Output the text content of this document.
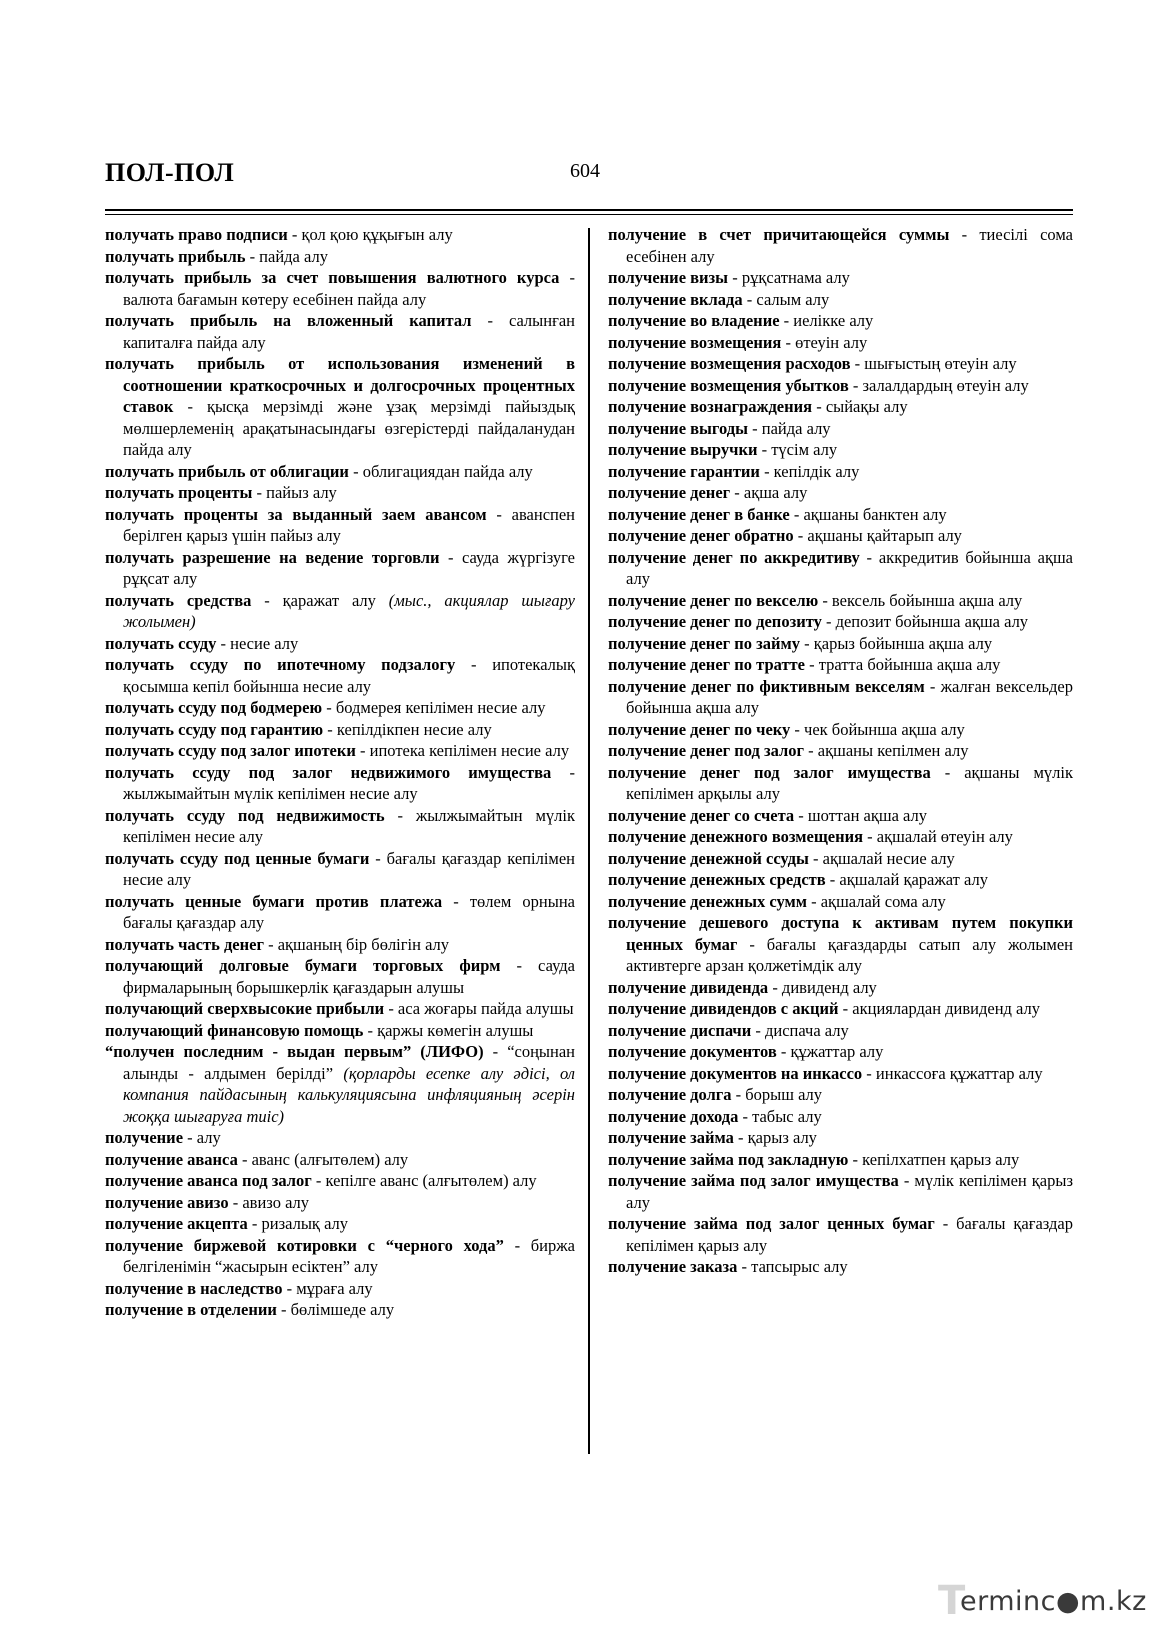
ПОЛ-ПОЛ	604

получать право подписи - қол қою құқығын алу

получать прибыль - пайда алу

получать прибыль за счет повышения валютного курса - валюта бағамын көтеру есебінен пайда алу

получать прибыль на вложенный капитал - салынған капиталға пайда алу

получать прибыль от использования изменений в соотношении краткосрочных и долгосрочных процентных ставок - қысқа мерзімді және ұзақ мерзімді пайыздық мөлшерлеменің арақатынасындағы өзгерістерді пайдаланудан пайда алу

получать прибыль от облигации - облигациядан пайда алу

получать проценты - пайыз алу

получать проценты за выданный заем авансом - аванспен берілген қарыз үшін пайыз алу

получать разрешение на ведение торговли - сауда жүргізуге рұқсат алу

получать средства - қаражат алу (мыс., акциялар шығару жолымен)

получать ссуду - несие алу

получать ссуду по ипотечному подзалогу - ипотекалық қосымша кепіл бойынша несие алу

получать ссуду под бодмерею - бодмерея кепілімен несие алу

получать ссуду под гарантию - кепілдікпен несие алу

получать ссуду под залог ипотеки - ипотека кепілімен несие алу

получать ссуду под залог недвижимого имущества - жылжымайтын мүлік кепілімен несие алу

получать ссуду под недвижимость - жылжымайтын мүлік кепілімен несие алу

получать ссуду под ценные бумаги - бағалы қағаздар кепілімен несие алу

получать ценные бумаги против платежа - төлем орнына бағалы қағаздар алу

получать часть денег - ақшаның бір бөлігін алу

получающий долговые бумаги торговых фирм - сауда фирмаларының борышкерлік қағаздарын алушы

получающий сверхвысокие прибыли - аса жоғары пайда алушы

получающий финансовую помощь - қаржы көмегін алушы

“получен последним - выдан первым” (ЛИФО) - “соңынан алынды - алдымен берілді” (қорларды есепке алу әдісі, ол компания пайдасының калькуляциясына инфляцияның әсерін жоққа шығаруға тиіс)

получение - алу

получение аванса - аванс (алғытөлем) алу

получение аванса под залог - кепілге аванс (алғытөлем) алу

получение авизо - авизо алу

получение акцепта - ризалық алу

получение биржевой котировки с “черного хода” - биржа белгіленімін “жасырын есіктен” алу

получение в наследство - мұраға алу

получение в отделении - бөлімшеде алу

получение в счет причитающейся суммы - тиесілі сома есебінен алу

получение визы - рұқсатнама алу

получение вклада - салым алу

получение во владение - иелікке алу

получение возмещения - өтеуін алу

получение возмещения расходов - шығыстың өтеуін алу

получение возмещения убытков - залалдардың өтеуін алу

получение вознаграждения - сыйақы алу

получение выгоды - пайда алу

получение выручки - түсім алу

получение гарантии - кепілдік алу

получение денег - ақша алу

получение денег в банке - ақшаны банктен алу

получение денег обратно - ақшаны қайтарып алу

получение денег по аккредитиву - аккредитив бойынша ақша алу

получение денег по векселю - вексель бойынша ақша алу

получение денег по депозиту - депозит бойынша ақша алу

получение денег по займу - қарыз бойынша ақша алу

получение денег по тратте - тратта бойынша ақша алу

получение денег по фиктивным векселям - жалған вексельдер бойынша ақша алу

получение денег по чеку - чек бойынша ақша алу

получение денег под залог - ақшаны кепілмен алу

получение денег под залог имущества - ақшаны мүлік кепілімен арқылы алу

получение денег со счета - шоттан ақша алу

получение денежного возмещения - ақшалай өтеуін алу

получение денежной ссуды - ақшалай несие алу

получение денежных средств - ақшалай қаражат алу

получение денежных сумм - ақшалай сома алу

получение дешевого доступа к активам путем покупки ценных бумаг - бағалы қағаздарды сатып алу жолымен активтерге арзан қолжетімдік алу

получение дивиденда - дивиденд алу

получение дивидендов с акций - акциялардан дивиденд алу

получение диспачи - диспача алу

получение документов - құжаттар алу

получение документов на инкассо - инкассоға құжаттар алу

получение долга - борыш алу

получение дохода - табыс алу

получение займа - қарыз алу

получение займа под закладную - кепілхатпен қарыз алу

получение займа под залог имущества - мүлік кепілімен қарыз алу

получение займа под залог ценных бумаг - бағалы қағаздар кепілімен қарыз алу

получение заказа - тапсырыс алу

T
erminc●m.kz
